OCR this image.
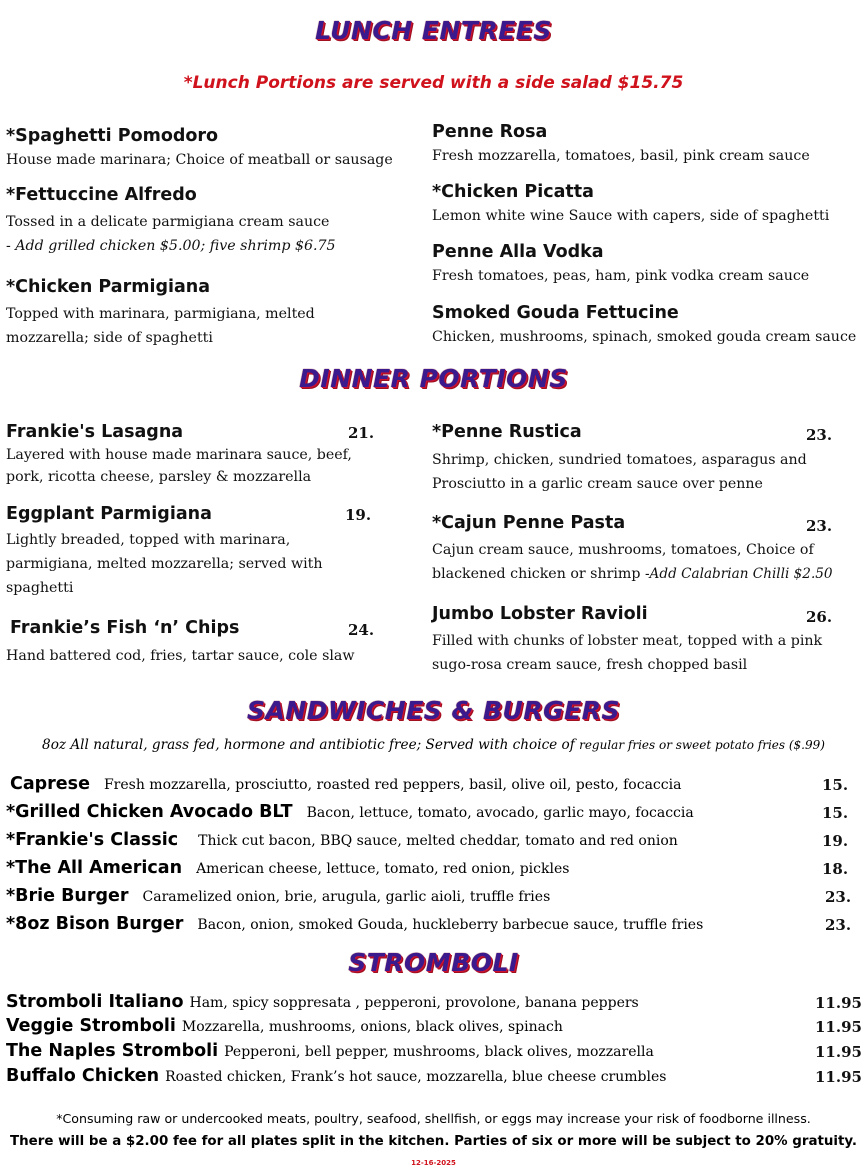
LUNCH ENTREES
*Lunch Portions are served with a side salad $15.75
*Spaghetti Pomodoro
House made marinara; Choice of meatball or sausage
*Fettuccine Alfredo
Tossed in a delicate parmigiana cream sauce
- Add grilled chicken $5.00; five shrimp $6.75
*Chicken Parmigiana
Topped with marinara, parmigiana, melted
mozzarella; side of spaghetti
Penne Rosa
Fresh mozzarella, tomatoes, basil, pink cream sauce
*Chicken Picatta
Lemon white wine Sauce with capers, side of spaghetti
Penne Alla Vodka
Fresh tomatoes, peas, ham, pink vodka cream sauce
Smoked Gouda Fettucine
Chicken, mushrooms, spinach, smoked gouda cream sauce
DINNER PORTIONS
Frankie's Lasagna	21.
Layered with house made marinara sauce, beef,
pork, ricotta cheese, parsley & mozzarella
Eggplant Parmigiana	19.
Lightly breaded, topped with marinara,
parmigiana, melted mozzarella; served with
spaghetti
Frankie’s Fish ‘n’ Chips	24.
Hand battered cod, fries, tartar sauce, cole slaw
*Penne Rustica	23.
Shrimp, chicken, sundried tomatoes, asparagus and
Prosciutto in a garlic cream sauce over penne
*Cajun Penne Pasta	23.
Cajun cream sauce, mushrooms, tomatoes, Choice of
blackened chicken or shrimp -Add Calabrian Chilli $2.50
Jumbo Lobster Ravioli	26.
Filled with chunks of lobster meat, topped with a pink
sugo-rosa cream sauce, fresh chopped basil
SANDWICHES & BURGERS
8oz All natural, grass fed, hormone and antibiotic free; Served with choice of regular fries or sweet potato fries ($.99)
Caprese Fresh mozzarella, prosciutto, roasted red peppers, basil, olive oil, pesto, focaccia	15.
*Grilled Chicken Avocado BLT Bacon, lettuce, tomato, avocado, garlic mayo, focaccia	15.
*Frankie's Classic Thick cut bacon, BBQ sauce, melted cheddar, tomato and red onion	19.
*The All American American cheese, lettuce, tomato, red onion, pickles	18.
*Brie Burger Caramelized onion, brie, arugula, garlic aioli, truffle fries	23.
*8oz Bison Burger Bacon, onion, smoked Gouda, huckleberry barbecue sauce, truffle fries	23.
STROMBOLI
Stromboli Italiano Ham, spicy soppresata , pepperoni, provolone, banana peppers	11.95
Veggie Stromboli Mozzarella, mushrooms, onions, black olives, spinach	11.95
The Naples Stromboli Pepperoni, bell pepper, mushrooms, black olives, mozzarella	11.95
Buffalo Chicken Roasted chicken, Frank’s hot sauce, mozzarella, blue cheese crumbles	11.95
*Consuming raw or undercooked meats, poultry, seafood, shellfish, or eggs may increase your risk of foodborne illness.
There will be a $2.00 fee for all plates split in the kitchen. Parties of six or more will be subject to 20% gratuity.
12-16-2025
